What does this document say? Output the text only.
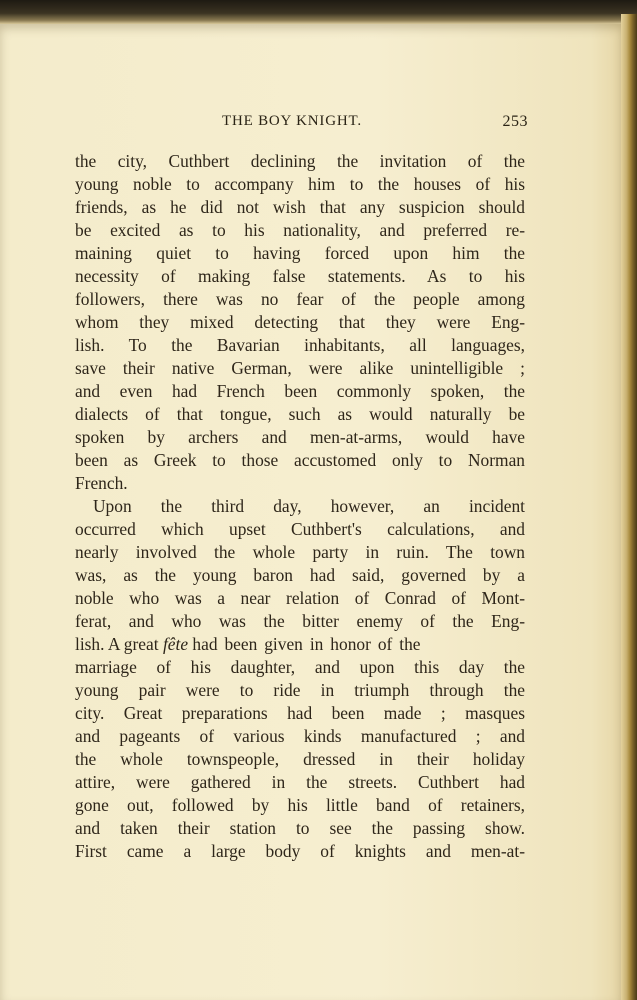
THE BOY KNIGHT.	253
the city, Cuthbert declining the invitation of the
young noble to accompany him to the houses of his
friends, as he did not wish that any suspicion should
be excited as to his nationality, and preferred re-
maining quiet to having forced upon him the
necessity of making false statements. As to his
followers, there was no fear of the people among
whom they mixed detecting that they were Eng-
lish. To the Bavarian inhabitants, all languages,
save their native German, were alike unintelligible ;
and even had French been commonly spoken, the
dialects of that tongue, such as would naturally be
spoken by archers and men-at-arms, would have
been as Greek to those accustomed only to Norman
French.
Upon the third day, however, an incident
occurred which upset Cuthbert's calculations, and
nearly involved the whole party in ruin. The town
was, as the young baron had said, governed by a
noble who was a near relation of Conrad of Mont-
ferat, and who was the bitter enemy of the Eng-
lish. A great fête had been given in honor of the
marriage of his daughter, and upon this day the
young pair were to ride in triumph through the
city. Great preparations had been made ; masques
and pageants of various kinds manufactured ; and
the whole townspeople, dressed in their holiday
attire, were gathered in the streets. Cuthbert had
gone out, followed by his little band of retainers,
and taken their station to see the passing show.
First came a large body of knights and men-at-
